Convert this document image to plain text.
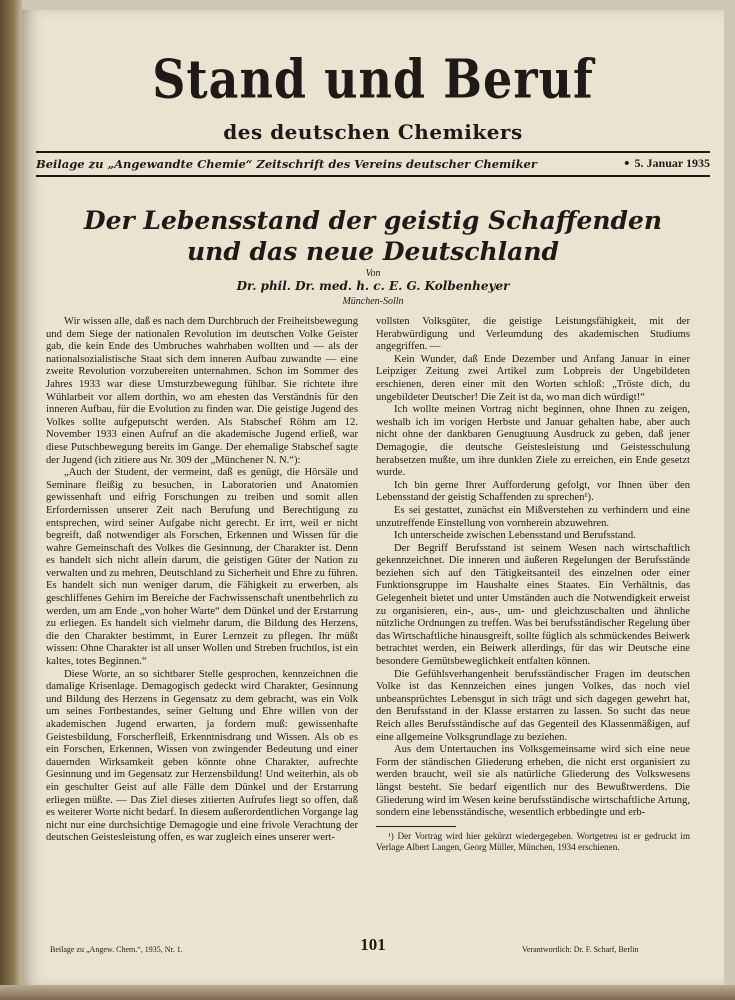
Stand und Beruf
des deutschen Chemikers
Beilage zu „Angewandte Chemie“ Zeitschrift des Vereins deutscher Chemiker	• 5. Januar 1935
Der Lebensstand der geistig Schaffenden
und das neue Deutschland
Von
Dr. phil. Dr. med. h. c. E. G. Kolbenheyer
München-Solln

Wir wissen alle, daß es nach dem Durchbruch der Freiheitsbewegung und dem Siege der nationalen Revolution im deutschen Volke Geister gab, die kein Ende des Umbruches wahrhaben wollten und — als der nationalsozialistische Staat sich dem inneren Aufbau zuwandte — eine zweite Revolution vorzubereiten unternahmen. Schon im Sommer des Jahres 1933 war diese Umsturzbewegung fühlbar. Sie richtete ihre Wühlarbeit vor allem dorthin, wo am ehesten das Verständnis für den inneren Aufbau, für die Evolution zu finden war. Die geistige Jugend des Volkes sollte aufgeputscht werden. Als Stabschef Röhm am 12. November 1933 einen Aufruf an die akademische Jugend erließ, war diese Putschbewegung bereits im Gange. Der ehemalige Stabschef sagte der Jugend (ich zitiere aus Nr. 309 der „Münchener N. N.“):

„Auch der Student, der vermeint, daß es genügt, die Hörsäle und Seminare fleißig zu besuchen, in Laboratorien und Anatomien gewissenhaft und eifrig Forschungen zu treiben und somit allen Erfordernissen unserer Zeit nach Berufung und Berechtigung zu entsprechen, wird seiner Aufgabe nicht gerecht. Er irrt, weil er nicht begreift, daß notwendiger als Forschen, Erkennen und Wissen für die wahre Gemeinschaft des Volkes die Gesinnung, der Charakter ist. Denn es handelt sich nicht allein darum, die geistigen Güter der Nation zu verwalten und zu mehren, Deutschland zu Sicherheit und Ehre zu führen. Es handelt sich nun weniger darum, die Fähigkeit zu erwerben, als geschliffenes Gehirn im Bereiche der Fachwissenschaft unentbehrlich zu werden, um am Ende „von hoher Warte“ dem Dünkel und der Erstarrung zu erliegen. Es handelt sich vielmehr darum, die Bildung des Herzens, die den Charakter bestimmt, in Eurer Lernzeit zu pflegen. Ihr müßt wissen: Ohne Charakter ist all unser Wollen und Streben fruchtlos, ist ein kaltes, totes Beginnen.“

Diese Worte, an so sichtbarer Stelle gesprochen, kennzeichnen die damalige Krisenlage. Demagogisch gedeckt wird Charakter, Gesinnung und Bildung des Herzens in Gegensatz zu dem gebracht, was ein Volk um seines Fortbestandes, seiner Geltung und Ehre willen von der akademischen Jugend erwarten, ja fordern muß: gewissenhafte Geistesbildung, Forscherfleiß, Erkenntnisdrang und Wissen. Als ob es ein Forschen, Erkennen, Wissen von zwingender Bedeutung und einer dauernden Wirksamkeit geben könnte ohne Charakter, aufrechte Gesinnung und im Gegensatz zur Herzensbildung! Und weiterhin, als ob ein geschulter Geist auf alle Fälle dem Dünkel und der Erstarrung erliegen müßte. — Das Ziel dieses zitierten Aufrufes liegt so offen, daß es weiterer Worte nicht bedarf. In diesem außerordentlichen Vorgange lag nicht nur eine durchsichtige Demagogie und eine frivole Verachtung der deutschen Geistesleistung offen, es war zugleich eines unserer wert-

vollsten Volksgüter, die geistige Leistungsfähigkeit, mit der Herabwürdigung und Verleumdung des akademischen Studiums angegriffen. —

Kein Wunder, daß Ende Dezember und Anfang Januar in einer Leipziger Zeitung zwei Artikel zum Lobpreis der Ungebildeten erschienen, deren einer mit den Worten schloß: „Tröste dich, du ungebildeter Deutscher! Die Zeit ist da, wo man dich würdigt!“

Ich wollte meinen Vortrag nicht beginnen, ohne Ihnen zu zeigen, weshalb ich im vorigen Herbste und Januar gehalten habe, aber auch nicht ohne der dankbaren Genugtuung Ausdruck zu geben, daß jener Demagogie, die deutsche Geistesleistung und Geistesschulung herabsetzen mußte, um ihre dunklen Ziele zu erreichen, ein Ende gesetzt wurde.

Ich bin gerne Ihrer Aufforderung gefolgt, vor Ihnen über den Lebensstand der geistig Schaffenden zu sprechen¹).

Es sei gestattet, zunächst ein Mißverstehen zu verhindern und eine unzutreffende Einstellung von vornherein abzuwehren.

Ich unterscheide zwischen Lebensstand und Berufsstand.

Der Begriff Berufsstand ist seinem Wesen nach wirtschaftlich gekennzeichnet. Die inneren und äußeren Regelungen der Berufsstände beziehen sich auf den Tätigkeitsanteil des einzelnen oder einer Funktionsgruppe im Haushalte eines Staates. Ein Verhältnis, das Gelegenheit bietet und unter Umständen auch die Notwendigkeit erweist zu organisieren, ein-, aus-, um- und gleichzuschalten und ähnliche nützliche Ordnungen zu treffen. Was bei berufsständischer Regelung über das Wirtschaftliche hinausgreift, sollte füglich als schmückendes Beiwerk betrachtet werden, ein Beiwerk allerdings, für das wir Deutsche eine besondere Gemütsbeweglichkeit entfalten können.

Die Gefühlsverhangenheit berufsständischer Fragen im deutschen Volke ist das Kennzeichen eines jungen Volkes, das noch viel unbeansprüchtes Lebensgut in sich trägt und sich dagegen gewehrt hat, den Berufsstand in der Klasse erstarren zu lassen. So sucht das neue Reich alles Berufsständische auf das Gegenteil des Klassenmäßigen, auf eine allgemeine Volksgrundlage zu beziehen.

Aus dem Untertauchen ins Volksgemeinsame wird sich eine neue Form der ständischen Gliederung erheben, die nicht erst organisiert zu werden braucht, weil sie als natürliche Gliederung des Volkswesens längst besteht. Sie bedarf eigentlich nur des Bewußtwerdens. Die Gliederung wird im Wesen keine berufsständische wirtschaftliche Artung, sondern eine lebensständische, wesentlich erbbedingte und erb-

¹) Der Vortrag wird hier gekürzt wiedergegeben. Wortgetreu ist er gedruckt im Verlage Albert Langen, Georg Müller, München, 1934 erschienen.
Beilage zu „Angew. Chem.“, 1935, Nr. 1.	101	Verantwortlich: Dr. F. Scharf, Berlin
